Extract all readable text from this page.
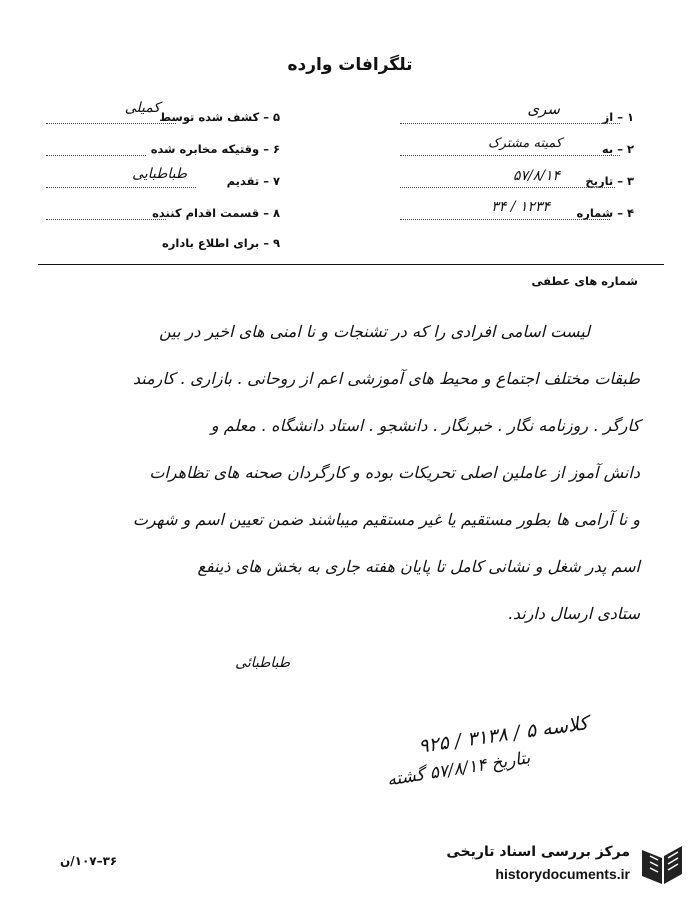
تلگرافات وارده
۱ – از
سری
۲ – به
کمیته مشترک
۳ – تاریخ
۵۷/۸/۱۴
۴ – شماره
۱۲۳۴ / ۳۴
۵ – کشف شده توسط
کمیلی
۶ – وقتیکه مخابره شده
۷ – تقدیم
طباطبایی
۸ – قسمت اقدام کننده
۹ – برای اطلاع باداره
شماره های عطفی
لیست اسامی افرادی را که در تشنجات و نا امنی های اخیر در بین
طبقات مختلف اجتماع و محیط های آموزشی اعم از روحانی . بازاری . کارمند
کارگر . روزنامه نگار . خبرنگار . دانشجو . استاد دانشگاه . معلم و
دانش آموز از عاملین اصلی تحریکات بوده و کارگردان صحنه های تظاهرات
و نا آرامی ها بطور مستقیم یا غیر مستقیم میباشند ضمن تعیین اسم و شهرت
اسم پدر شغل و نشانی کامل تا پایان هفته جاری به بخش های ذینفع
ستادی ارسال دارند.
طباطبائی
کلاسه ۵ / ۳۱۳۸ / ۹۲۵
بتاریخ ۵۷/۸/۱۴ گشته
۳۶–۱۰۷/ن
مرکز بررسی اسناد تاریخی
historydocuments.ir
